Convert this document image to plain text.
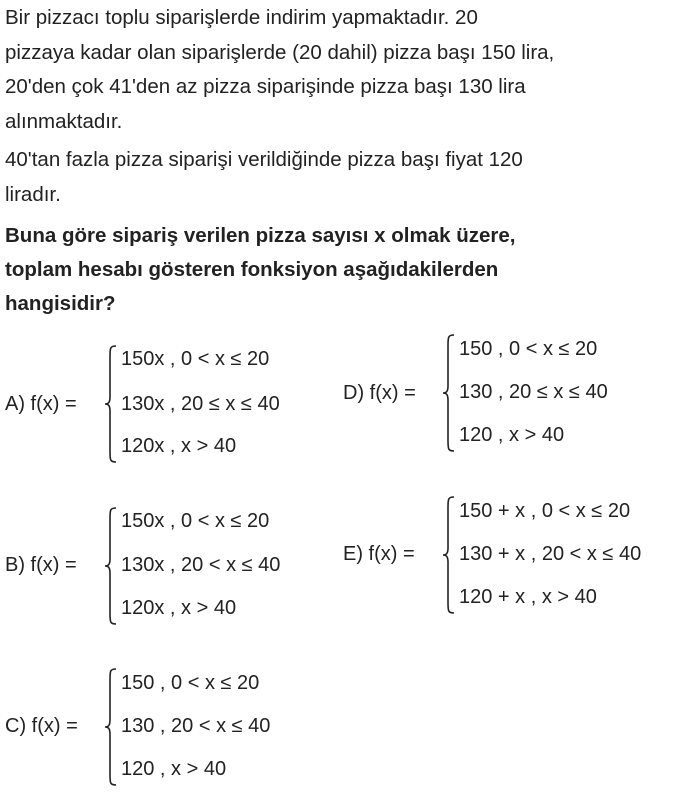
Bir pizzacı toplu siparişlerde indirim yapmaktadır. 20
pizzaya kadar olan siparişlerde (20 dahil) pizza başı 150 lira,
20'den çok 41'den az pizza siparişinde pizza başı 130 lira
alınmaktadır.
40'tan fazla pizza siparişi verildiğinde pizza başı fiyat 120
liradır.
Buna göre sipariş verilen pizza sayısı x olmak üzere,
toplam hesabı gösteren fonksiyon aşağıdakilerden
hangisidir?
A) f(x) =
150x , 0 < x ≤ 20
130x , 20 ≤ x ≤ 40
120x , x > 40
D) f(x) =
150 , 0 < x ≤ 20
130 , 20 ≤ x ≤ 40
120 , x > 40
B) f(x) =
150x , 0 < x ≤ 20
130x , 20 < x ≤ 40
120x , x > 40
E) f(x) =
150 + x , 0 < x ≤ 20
130 + x , 20 < x ≤ 40
120 + x , x > 40
C) f(x) =
150 , 0 < x ≤ 20
130 , 20 < x ≤ 40
120 , x > 40
